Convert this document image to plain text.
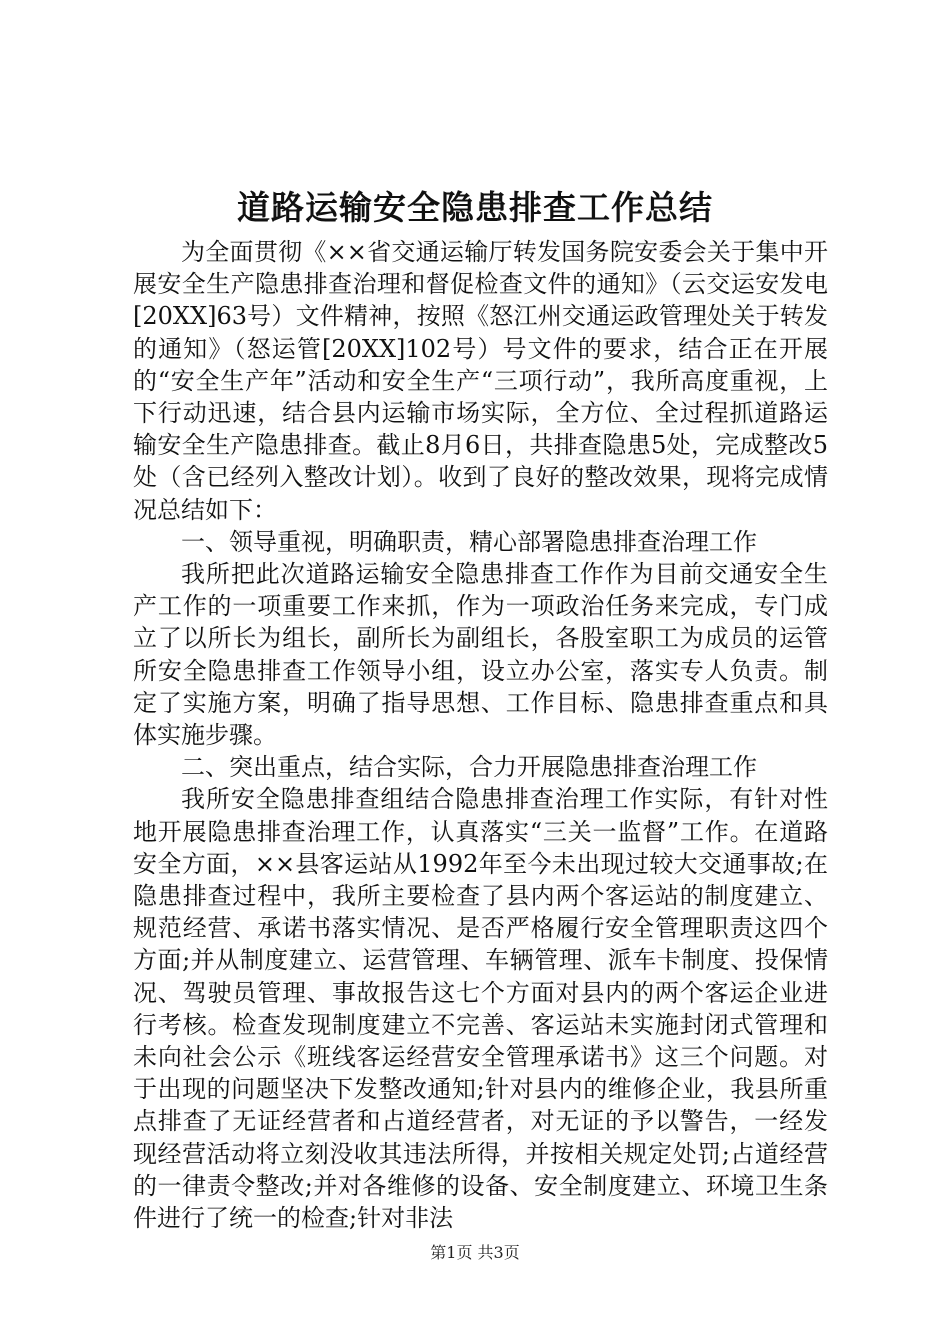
道路运输安全隐患排查工作总结

为全面贯彻《××省交通运输厅转发国务院安委会关于集中开展安全生产隐患排查治理和督促检查文件的通知》（云交运安发电[20XX]63号）文件精神，按照《怒江州交通运政管理处关于转发的通知》（怒运管[20XX]102号）号文件的要求，结合正在开展的“安全生产年”活动和安全生产“三项行动”，我所高度重视，上下行动迅速，结合县内运输市场实际，全方位、全过程抓道路运输安全生产隐患排查。截止8月6日，共排查隐患5处，完成整改5处（含已经列入整改计划）。收到了良好的整改效果，现将完成情况总结如下：

一、领导重视，明确职责，精心部署隐患排查治理工作

我所把此次道路运输安全隐患排查工作作为目前交通安全生产工作的一项重要工作来抓，作为一项政治任务来完成，专门成立了以所长为组长，副所长为副组长，各股室职工为成员的运管所安全隐患排查工作领导小组，设立办公室，落实专人负责。制定了实施方案，明确了指导思想、工作目标、隐患排查重点和具体实施步骤。

二、突出重点，结合实际，合力开展隐患排查治理工作

我所安全隐患排查组结合隐患排查治理工作实际，有针对性地开展隐患排查治理工作，认真落实“三关一监督”工作。在道路安全方面，××县客运站从1992年至今未出现过较大交通事故;在隐患排查过程中，我所主要检查了县内两个客运站的制度建立、规范经营、承诺书落实情况、是否严格履行安全管理职责这四个方面;并从制度建立、运营管理、车辆管理、派车卡制度、投保情况、驾驶员管理、事故报告这七个方面对县内的两个客运企业进行考核。检查发现制度建立不完善、客运站未实施封闭式管理和未向社会公示《班线客运经营安全管理承诺书》这三个问题。对于出现的问题坚决下发整改通知;针对县内的维修企业，我县所重点排查了无证经营者和占道经营者，对无证的予以警告，一经发现经营活动将立刻没收其违法所得，并按相关规定处罚;占道经营的一律责令整改;并对各维修的设备、安全制度建立、环境卫生条件进行了统一的检查;针对非法

第1页 共3页
